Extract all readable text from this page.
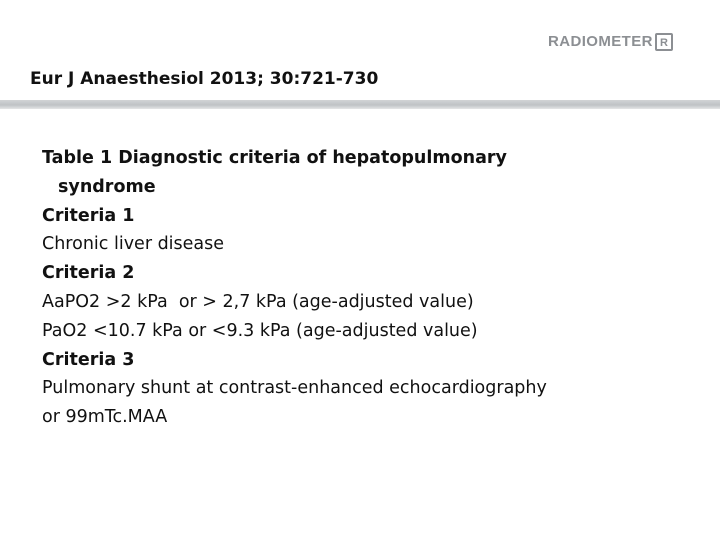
RADIOMETER R
Eur J Anaesthesiol 2013; 30:721-730

Table 1 Diagnostic criteria of hepatopulmonary
syndrome

Criteria 1

Chronic liver disease

Criteria 2

AaPO2 >2 kPa  or > 2,7 kPa (age-adjusted value)

PaO2 <10.7 kPa or <9.3 kPa (age-adjusted value)

Criteria 3

Pulmonary shunt at contrast-enhanced echocardiography

or 99mTc.MAA
